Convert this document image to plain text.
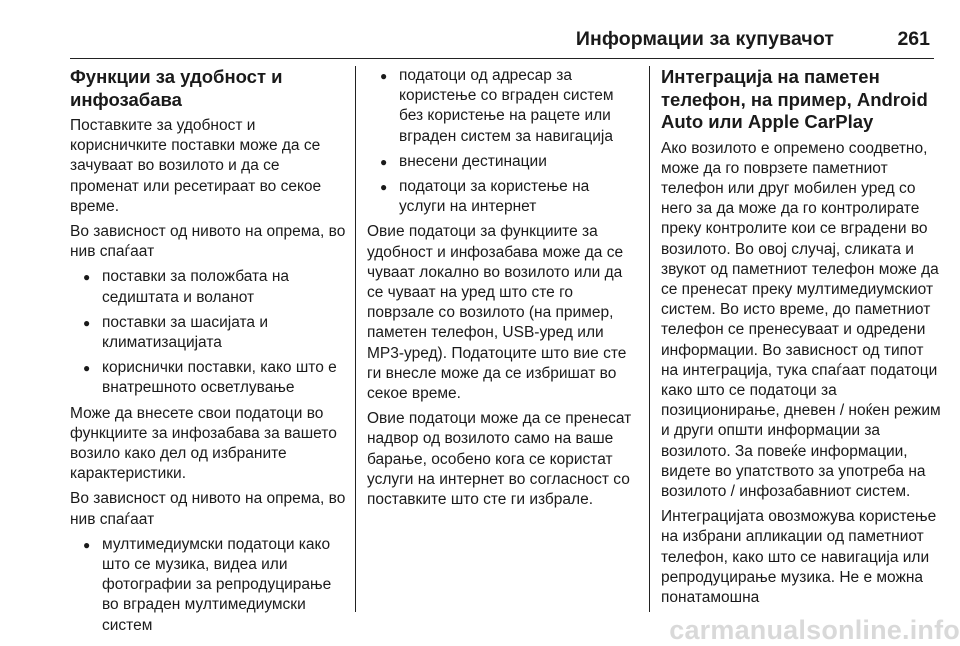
Информации за купувачот	261
Функции за удобност и инфозабава

Поставките за удобност и корисничките поставки може да се зачуваат во возилото и да се променат или ресетираат во секое време.

Во зависност од нивото на опрема, во нив спаѓаат

● поставки за положбата на седиштата и воланот
● поставки за шасијата и климатизацијата
● кориснички поставки, како што е внатрешното осветлување

Може да внесете свои податоци во функциите за инфозабава за вашето возило како дел од избраните карактеристики.

Во зависност од нивото на опрема, во нив спаѓаат

● мултимедиумски податоци како што се музика, видеа или фотографии за репродуцирање во вграден мултимедиумски систем
● податоци од адресар за користење со вграден систем без користење на рацете или вграден систем за навигација
● внесени дестинации
● податоци за користење на услуги на интернет

Овие податоци за функциите за удобност и инфозабава може да се чуваат локално во возилото или да се чуваат на уред што сте го поврзале со возилото (на пример, паметен телефон, USB-уред или MP3-уред). Податоците што вие сте ги внесле може да се избришат во секое време.

Овие податоци може да се пренесат надвор од возилото само на ваше барање, особено кога се користат услуги на интернет во согласност со поставките што сте ги избрале.

Интеграција на паметен телефон, на пример, Android Auto или Apple CarPlay

Ако возилото е опремено соодветно, може да го поврзете паметниот телефон или друг мобилен уред со него за да може да го контролирате преку контролите кои се вградени во возилото. Во овој случај, сликата и звукот од паметниот телефон може да се пренесат преку мултимедиумскиот систем. Во исто време, до паметниот телефон се пренесуваат и одредени информации. Во зависност од типот на интеграција, тука спаѓаат податоци како што се податоци за позиционирање, дневен / ноќен режим и други општи информации за возилото. За повеќе информации, видете во упатството за употреба на возилото / инфозабавниот систем.

Интеграцијата овозможува користење на избрани апликации од паметниот телефон, како што се навигација или репродуцирање музика. Не е можна понатамошна

carmanualsonline.info
